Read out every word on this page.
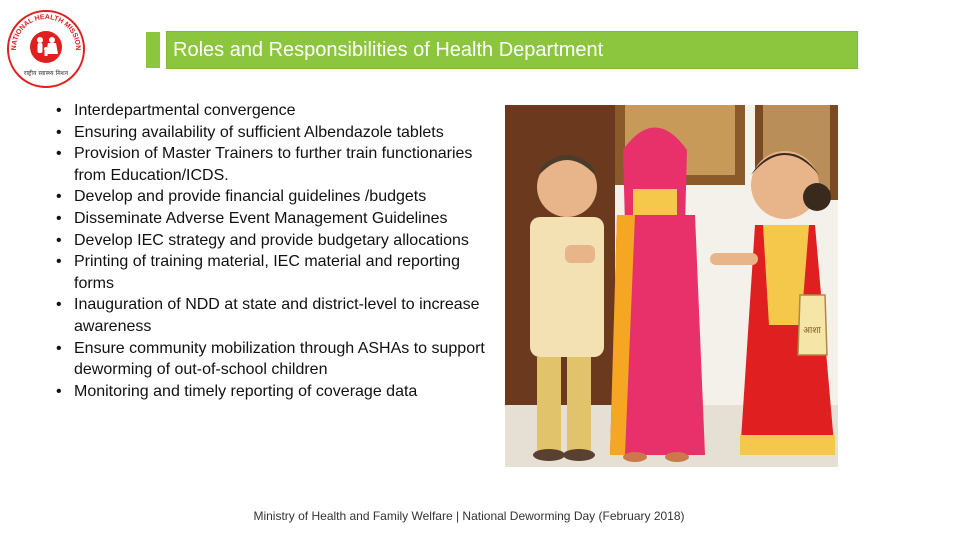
NATIONAL HEALTH MISSION
राष्ट्रीय स्वास्थ्य मिशन
Roles and Responsibilities of Health Department
• Interdepartmental convergence
• Ensuring availability of sufficient Albendazole tablets
• Provision of Master Trainers to further train functionaries from Education/ICDS.
• Develop and provide financial guidelines /budgets
• Disseminate Adverse Event Management Guidelines
• Develop IEC strategy and provide budgetary allocations
• Printing of training material, IEC material and reporting forms
• Inauguration of NDD at state and district-level to increase awareness
• Ensure community mobilization through ASHAs to support deworming of out-of-school children
• Monitoring and timely reporting of coverage data
आशा
Ministry of Health and Family Welfare | National Deworming Day (February 2018)
